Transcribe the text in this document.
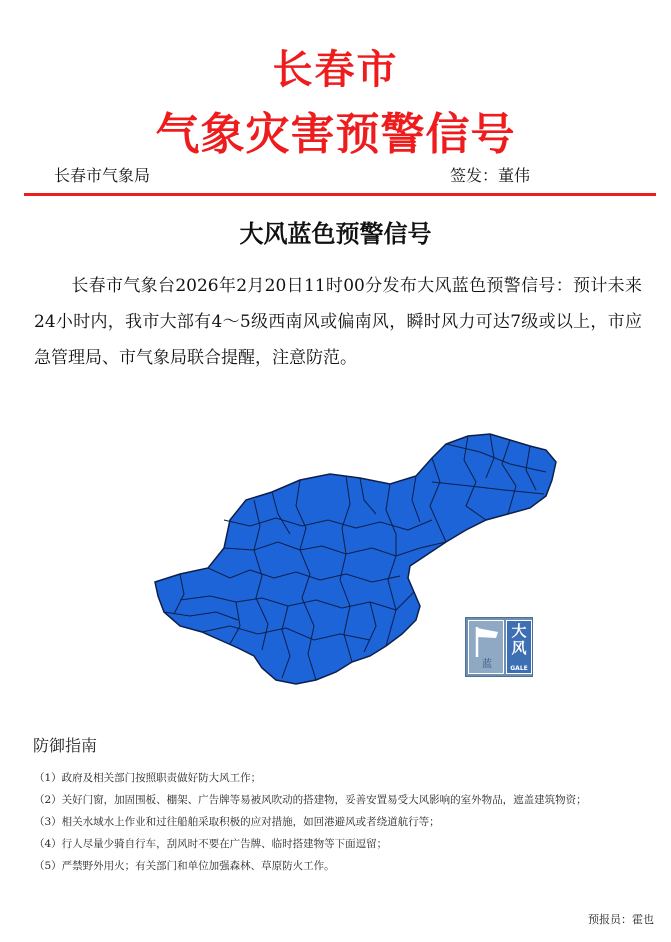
长春市
气象灾害预警信号
长春市气象局	签发：董伟
大风蓝色预警信号
长春市气象台2026年2月20日11时00分发布大风蓝色预警信号：预计未来24小时内，我市大部有4～5级西南风或偏南风，瞬时风力可达7级或以上，市应急管理局、市气象局联合提醒，注意防范。
蓝
大风
GALE
防御指南
（1）政府及相关部门按照职责做好防大风工作；
（2）关好门窗，加固围板、棚架、广告牌等易被风吹动的搭建物，妥善安置易受大风影响的室外物品，遮盖建筑物资；
（3）相关水域水上作业和过往船舶采取积极的应对措施，如回港避风或者绕道航行等；
（4）行人尽量少骑自行车，刮风时不要在广告牌、临时搭建物等下面逗留；
（5）严禁野外用火；有关部门和单位加强森林、草原防火工作。
预报员：霍也
